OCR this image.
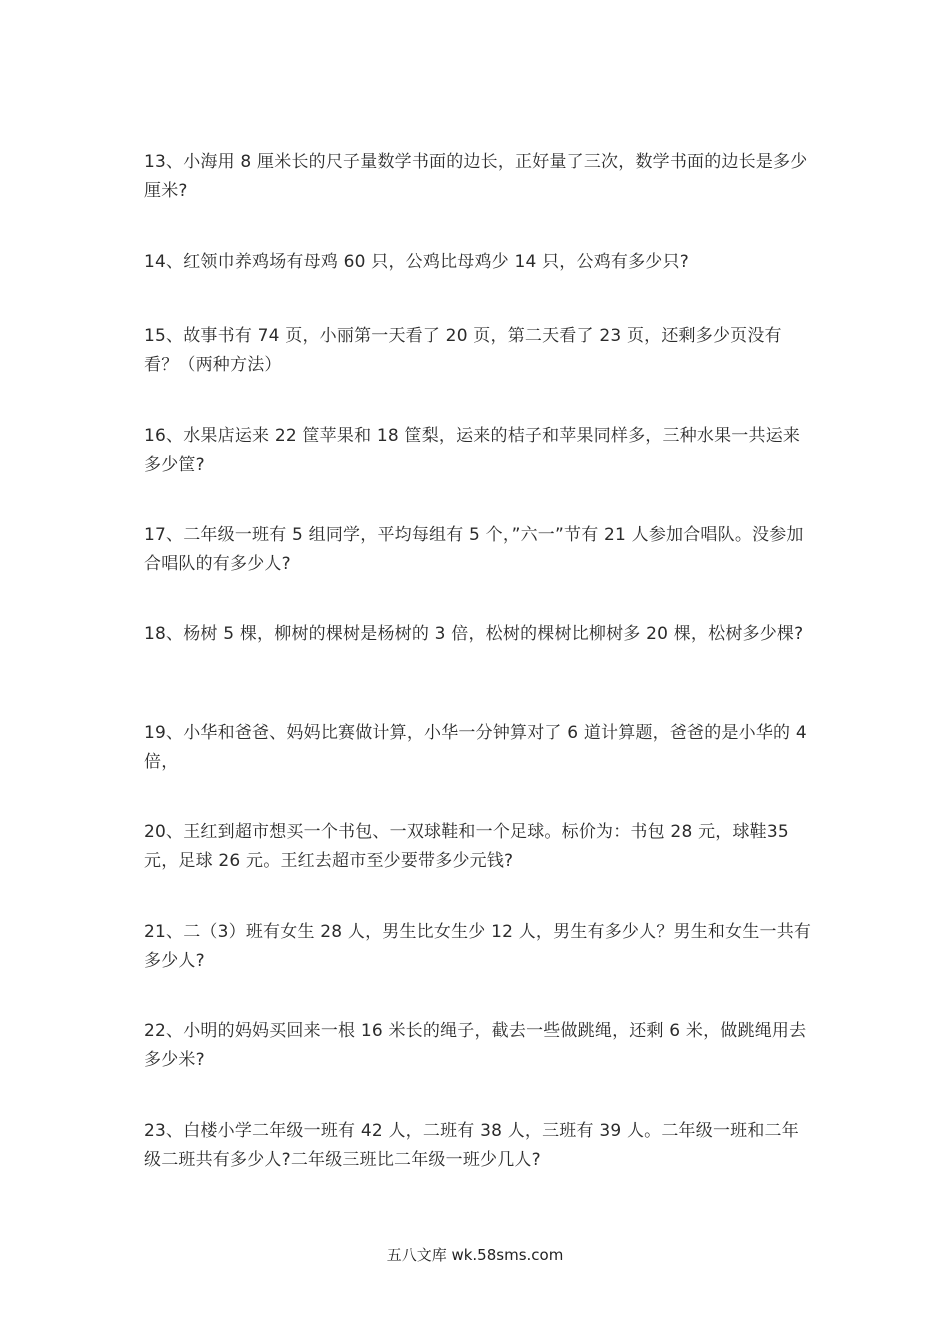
13、小海用 8 厘米长的尺子量数学书面的边长，正好量了三次，数学书面的边长是多少厘米?

14、红领巾养鸡场有母鸡 60 只，公鸡比母鸡少 14 只，公鸡有多少只?

15、故事书有 74 页，小丽第一天看了 20 页，第二天看了 23 页，还剩多少页没有看？（两种方法）

16、水果店运来 22 筐苹果和 18 筐梨，运来的桔子和苹果同样多，三种水果一共运来多少筐?

17、二年级一班有 5 组同学，平均每组有 5 个，”六一”节有 21 人参加合唱队。没参加合唱队的有多少人?

18、杨树 5 棵，柳树的棵树是杨树的 3 倍，松树的棵树比柳树多 20 棵，松树多少棵?

19、小华和爸爸、妈妈比赛做计算，小华一分钟算对了 6 道计算题，爸爸的是小华的 4 倍，

20、王红到超市想买一个书包、一双球鞋和一个足球。标价为：书包 28 元，球鞋35 元，足球 26 元。王红去超市至少要带多少元钱?

21、二（3）班有女生 28 人，男生比女生少 12 人，男生有多少人？男生和女生一共有多少人?

22、小明的妈妈买回来一根 16 米长的绳子，截去一些做跳绳，还剩 6 米，做跳绳用去多少米?

23、白楼小学二年级一班有 42 人，二班有 38 人，三班有 39 人。二年级一班和二年级二班共有多少人?二年级三班比二年级一班少几人?

五八文库 wk.58sms.com
